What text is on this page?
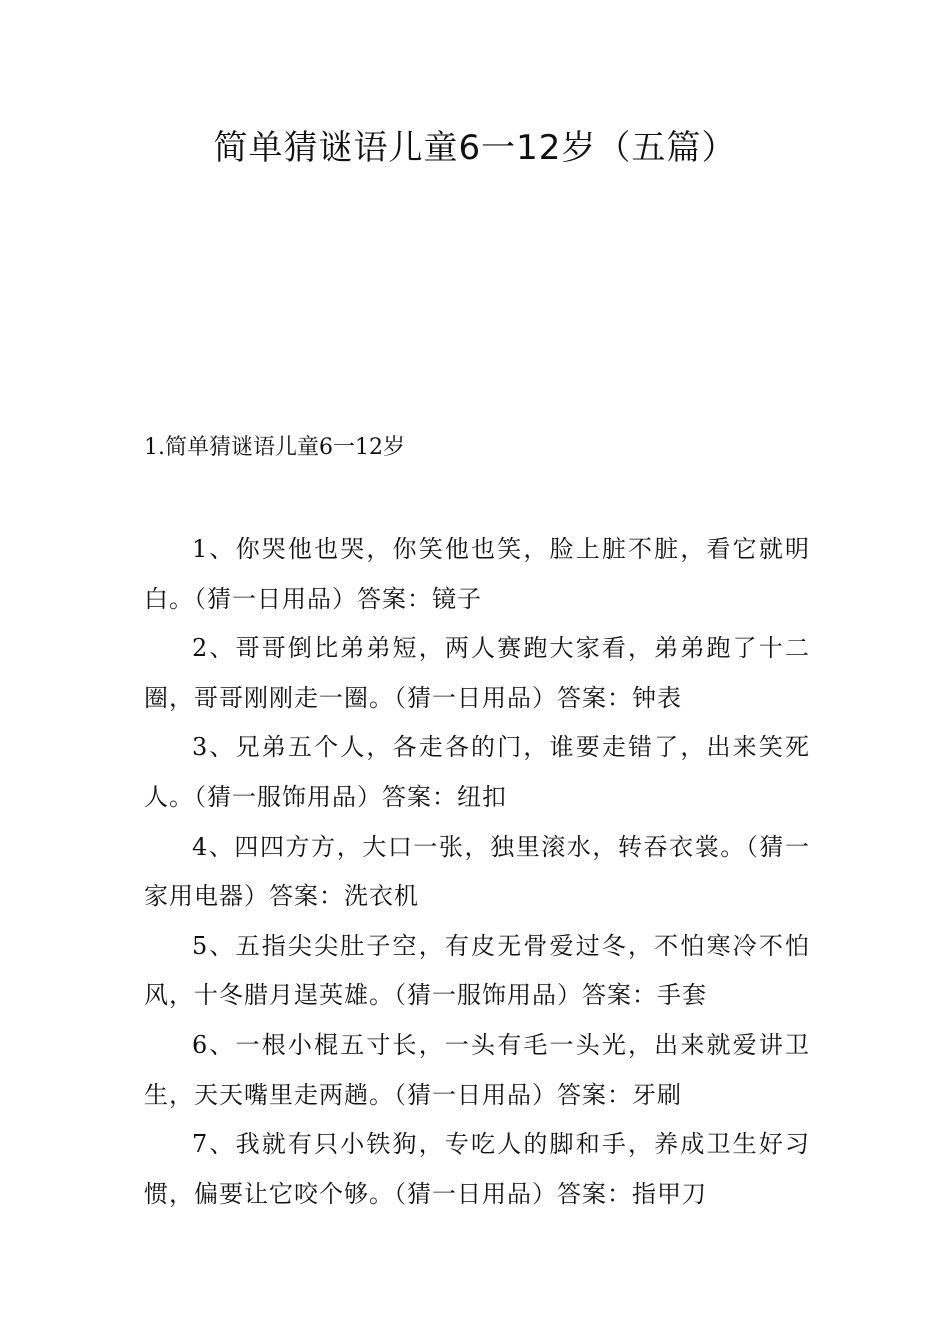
简单猜谜语儿童6一12岁（五篇）
1.简单猜谜语儿童6一12岁
1、你哭他也哭，你笑他也笑，脸上脏不脏，看它就明白。（猜一日用品）答案：镜子
2、哥哥倒比弟弟短，两人赛跑大家看，弟弟跑了十二圈，哥哥刚刚走一圈。（猜一日用品）答案：钟表
3、兄弟五个人，各走各的门，谁要走错了，出来笑死人。（猜一服饰用品）答案：纽扣
4、四四方方，大口一张，独里滚水，转吞衣裳。（猜一家用电器）答案：洗衣机
5、五指尖尖肚子空，有皮无骨爱过冬，不怕寒冷不怕风，十冬腊月逞英雄。（猜一服饰用品）答案：手套
6、一根小棍五寸长，一头有毛一头光，出来就爱讲卫生，天天嘴里走两趟。（猜一日用品）答案：牙刷
7、我就有只小铁狗，专吃人的脚和手，养成卫生好习惯，偏要让它咬个够。（猜一日用品）答案：指甲刀
